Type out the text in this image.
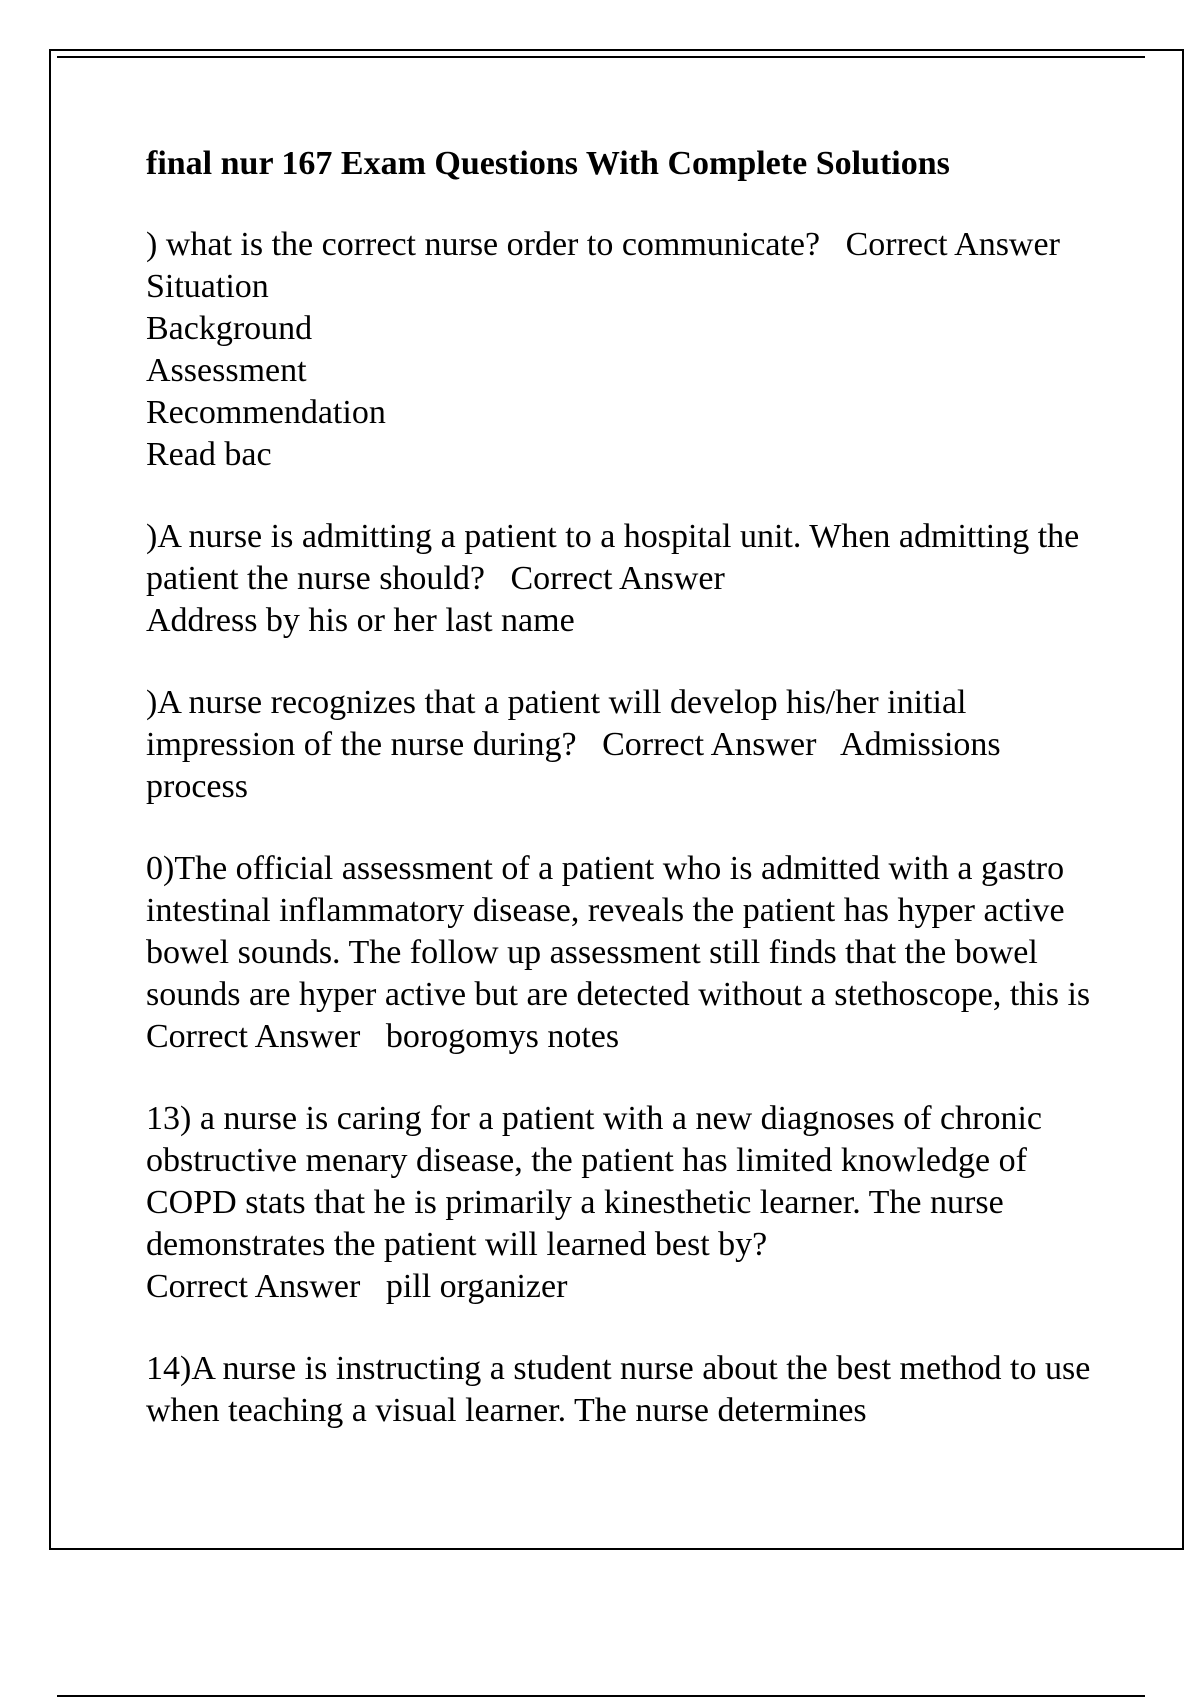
final nur 167 Exam Questions With Complete Solutions
) what is the correct nurse order to communicate? Correct Answer   Situation
Background
Assessment
Recommendation
Read bac
)A nurse is admitting a patient to a hospital unit. When admitting the patient the nurse should? Correct Answer
Address by his or her last name
)A nurse recognizes that a patient will develop his/her initial impression of the nurse during? Correct Answer Admissions process
0)The official assessment of a patient who is admitted with a gastro intestinal inflammatory disease, reveals the patient has hyper active bowel sounds. The follow up assessment still finds that the bowel sounds are hyper active but are detected without a stethoscope, this is   Correct Answer borogomys notes
13) a nurse is caring for a patient with a new diagnoses of chronic obstructive menary disease, the patient has limited knowledge of COPD stats that he is primarily a kinesthetic learner. The nurse demonstrates the patient will learned best by?
Correct Answer pill organizer
14)A nurse is instructing a student nurse about the best method to use when teaching a visual learner. The nurse determines
